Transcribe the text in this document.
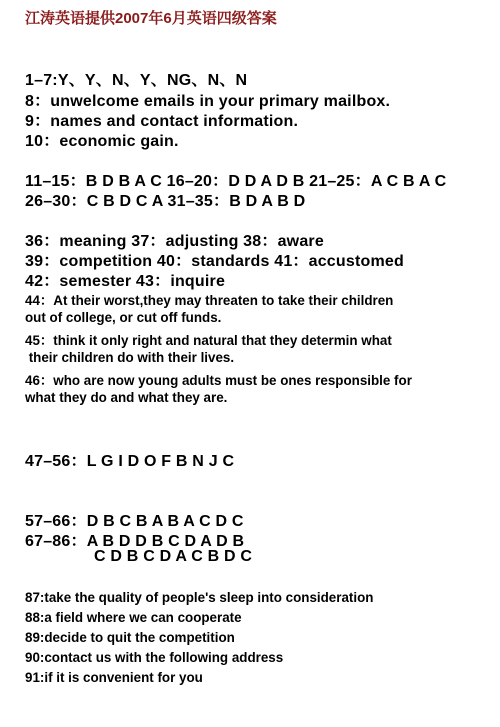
江涛英语提供2007年6月英语四级答案
1–7:Y、Y、N、Y、NG、N、N
8：unwelcome emails in your primary mailbox.
9：names and contact information.
10：economic gain.
11–15：B D B A C 16–20：D D A D B 21–25：A C B A C
26–30：C B D C A 31–35：B D A B D
36：meaning 37：adjusting 38：aware
39：competition 40：standards 41：accustomed
42：semester 43：inquire
44：At their worst,they may threaten to take their children
out of college, or cut off funds.
45：think it only right and natural that they determin what
their children do with their lives.
46：who are now young adults must be ones responsible for
what they do and what they are.
47–56：L G I D O F B N J C
57–66：D B C B A B A C D C
67–86：A B D D B C D A D B
C D B C D A C B D C
87:take the quality of people's sleep into consideration
88:a field where we can cooperate
89:decide to quit the competition
90:contact us with the following address
91:if it is convenient for you
